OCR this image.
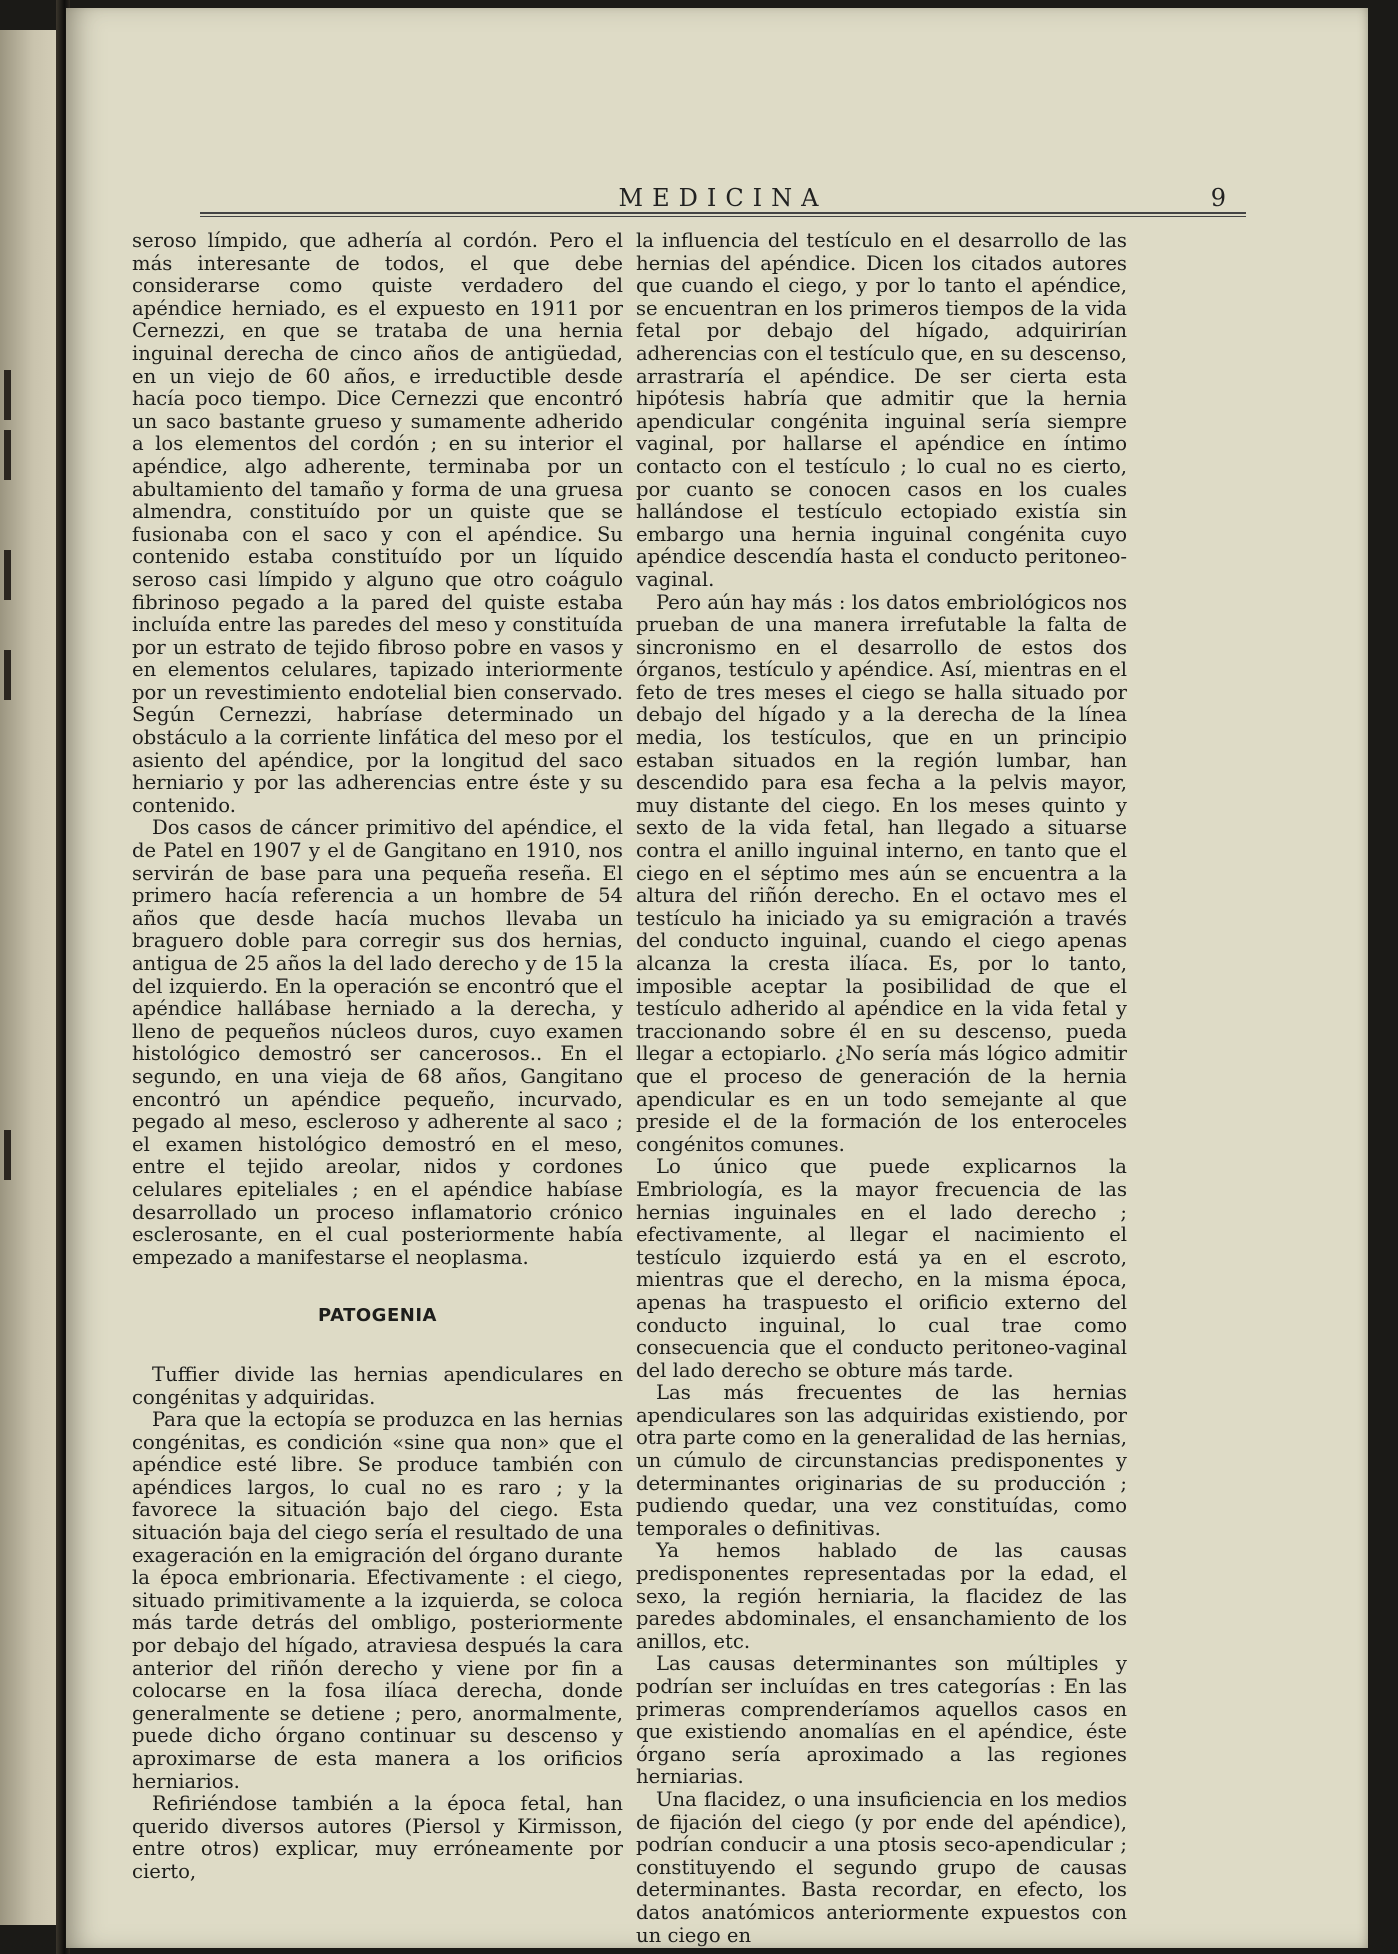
MEDICINA	9

seroso límpido, que adhería al cordón. Pero el más interesante de todos, el que debe considerarse como quiste verdadero del apéndice herniado, es el expuesto en 1911 por Cernezzi, en que se trataba de una hernia inguinal derecha de cinco años de antigüedad, en un viejo de 60 años, e irreductible desde hacía poco tiempo. Dice Cernezzi que encontró un saco bastante grueso y sumamente adherido a los elementos del cordón ; en su interior el apéndice, algo adherente, terminaba por un abultamiento del tamaño y forma de una gruesa almendra, constituído por un quiste que se fusionaba con el saco y con el apéndice. Su contenido estaba constituído por un líquido seroso casi límpido y alguno que otro coágulo fibrinoso pegado a la pared del quiste estaba incluída entre las paredes del meso y constituída por un estrato de tejido fibroso pobre en vasos y en elementos celulares, tapizado interiormente por un revestimiento endotelial bien conservado. Según Cernezzi, habríase determinado un obstáculo a la corriente linfática del meso por el asiento del apéndice, por la longitud del saco herniario y por las adherencias entre éste y su contenido.

Dos casos de cáncer primitivo del apéndice, el de Patel en 1907 y el de Gangitano en 1910, nos servirán de base para una pequeña reseña. El primero hacía referencia a un hombre de 54 años que desde hacía muchos llevaba un braguero doble para corregir sus dos hernias, antigua de 25 años la del lado derecho y de 15 la del izquierdo. En la operación se encontró que el apéndice hallábase herniado a la derecha, y lleno de pequeños núcleos duros, cuyo examen histológico demostró ser cancerosos.. En el segundo, en una vieja de 68 años, Gangitano encontró un apéndice pequeño, incurvado, pegado al meso, escleroso y adherente al saco ; el examen histológico demostró en el meso, entre el tejido areolar, nidos y cordones celulares epiteliales ; en el apéndice habíase desarrollado un proceso inflamatorio crónico esclerosante, en el cual posteriormente había empezado a manifestarse el neoplasma.

PATOGENIA

Tuffier divide las hernias apendiculares en congénitas y adquiridas.

Para que la ectopía se produzca en las hernias congénitas, es condición «sine qua non» que el apéndice esté libre. Se produce también con apéndices largos, lo cual no es raro ; y la favorece la situación bajo del ciego. Esta situación baja del ciego sería el resultado de una exageración en la emigración del órgano durante la época embrionaria. Efectivamente : el ciego, situado primitivamente a la izquierda, se coloca más tarde detrás del ombligo, posteriormente por debajo del hígado, atraviesa después la cara anterior del riñón derecho y viene por fin a colocarse en la fosa ilíaca derecha, donde generalmente se detiene ; pero, anormalmente, puede dicho órgano continuar su descenso y aproximarse de esta manera a los orificios herniarios.

Refiriéndose también a la época fetal, han querido diversos autores (Piersol y Kirmisson, entre otros) explicar, muy erróneamente por cierto,

la influencia del testículo en el desarrollo de las hernias del apéndice. Dicen los citados autores que cuando el ciego, y por lo tanto el apéndice, se encuentran en los primeros tiempos de la vida fetal por debajo del hígado, adquirirían adherencias con el testículo que, en su descenso, arrastraría el apéndice. De ser cierta esta hipótesis habría que admitir que la hernia apendicular congénita inguinal sería siempre vaginal, por hallarse el apéndice en íntimo contacto con el testículo ; lo cual no es cierto, por cuanto se conocen casos en los cuales hallándose el testículo ectopiado existía sin embargo una hernia inguinal congénita cuyo apéndice descendía hasta el conducto peritoneo-vaginal.

Pero aún hay más : los datos embriológicos nos prueban de una manera irrefutable la falta de sincronismo en el desarrollo de estos dos órganos, testículo y apéndice. Así, mientras en el feto de tres meses el ciego se halla situado por debajo del hígado y a la derecha de la línea media, los testículos, que en un principio estaban situados en la región lumbar, han descendido para esa fecha a la pelvis mayor, muy distante del ciego. En los meses quinto y sexto de la vida fetal, han llegado a situarse contra el anillo inguinal interno, en tanto que el ciego en el séptimo mes aún se encuentra a la altura del riñón derecho. En el octavo mes el testículo ha iniciado ya su emigración a través del conducto inguinal, cuando el ciego apenas alcanza la cresta ilíaca. Es, por lo tanto, imposible aceptar la posibilidad de que el testículo adherido al apéndice en la vida fetal y traccionando sobre él en su descenso, pueda llegar a ectopiarlo. ¿No sería más lógico admitir que el proceso de generación de la hernia apendicular es en un todo semejante al que preside el de la formación de los enteroceles congénitos comunes.

Lo único que puede explicarnos la Embriología, es la mayor frecuencia de las hernias inguinales en el lado derecho ; efectivamente, al llegar el nacimiento el testículo izquierdo está ya en el escroto, mientras que el derecho, en la misma época, apenas ha traspuesto el orificio externo del conducto inguinal, lo cual trae como consecuencia que el conducto peritoneo-vaginal del lado derecho se obture más tarde.

Las más frecuentes de las hernias apendiculares son las adquiridas existiendo, por otra parte como en la generalidad de las hernias, un cúmulo de circunstancias predisponentes y determinantes originarias de su producción ; pudiendo quedar, una vez constituídas, como temporales o definitivas.

Ya hemos hablado de las causas predisponentes representadas por la edad, el sexo, la región herniaria, la flacidez de las paredes abdominales, el ensanchamiento de los anillos, etc.

Las causas determinantes son múltiples y podrían ser incluídas en tres categorías : En las primeras comprenderíamos aquellos casos en que existiendo anomalías en el apéndice, éste órgano sería aproximado a las regiones herniarias.

Una flacidez, o una insuficiencia en los medios de fijación del ciego (y por ende del apéndice), podrían conducir a una ptosis seco-apendicular ; constituyendo el segundo grupo de causas determinantes. Basta recordar, en efecto, los datos anatómicos anteriormente expuestos con un ciego en
